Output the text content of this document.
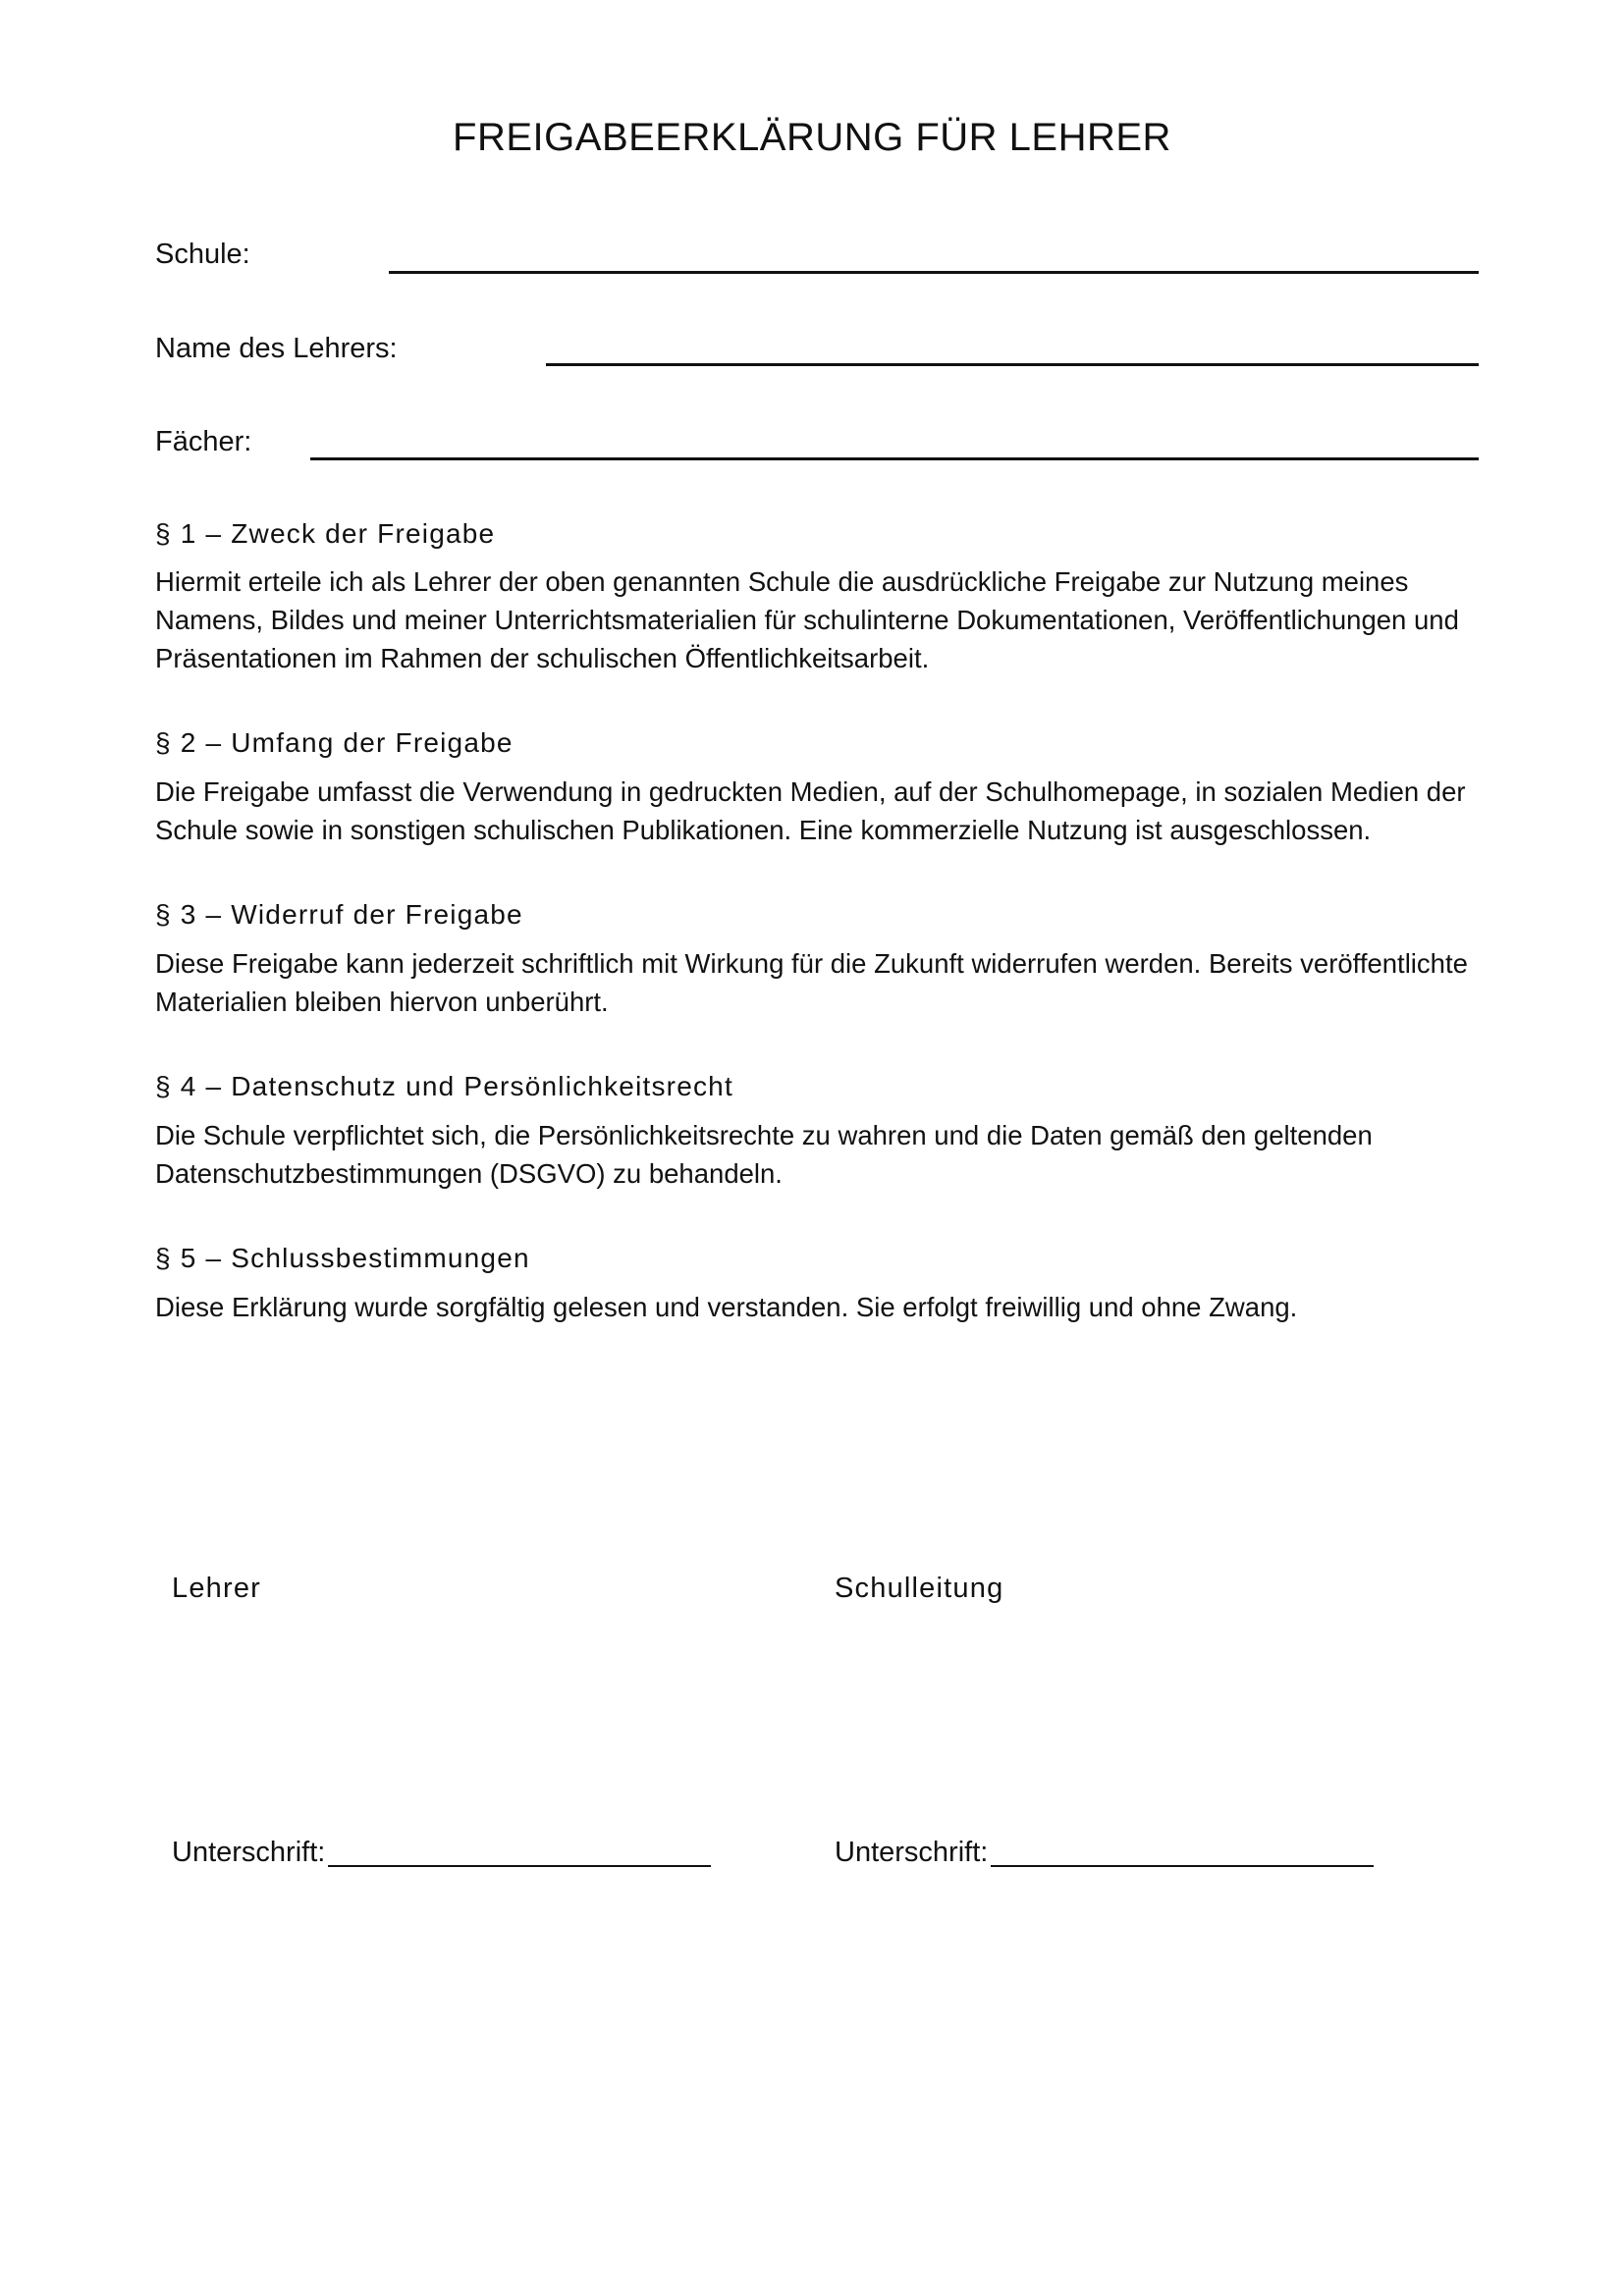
FREIGABEERKLÄRUNG FÜR LEHRER
Schule:
Name des Lehrers:
Fächer:
§ 1 – Zweck der Freigabe
Hiermit erteile ich als Lehrer der oben genannten Schule die ausdrückliche Freigabe zur Nutzung meines Namens, Bildes und meiner Unterrichtsmaterialien für schulinterne Dokumentationen, Veröffentlichungen und Präsentationen im Rahmen der schulischen Öffentlichkeitsarbeit.
§ 2 – Umfang der Freigabe
Die Freigabe umfasst die Verwendung in gedruckten Medien, auf der Schulhomepage, in sozialen Medien der Schule sowie in sonstigen schulischen Publikationen. Eine kommerzielle Nutzung ist ausgeschlossen.
§ 3 – Widerruf der Freigabe
Diese Freigabe kann jederzeit schriftlich mit Wirkung für die Zukunft widerrufen werden. Bereits veröffentlichte Materialien bleiben hiervon unberührt.
§ 4 – Datenschutz und Persönlichkeitsrecht
Die Schule verpflichtet sich, die Persönlichkeitsrechte zu wahren und die Daten gemäß den geltenden Datenschutzbestimmungen (DSGVO) zu behandeln.
§ 5 – Schlussbestimmungen
Diese Erklärung wurde sorgfältig gelesen und verstanden. Sie erfolgt freiwillig und ohne Zwang.
Lehrer	Schulleitung
Unterschrift:	Unterschrift:
